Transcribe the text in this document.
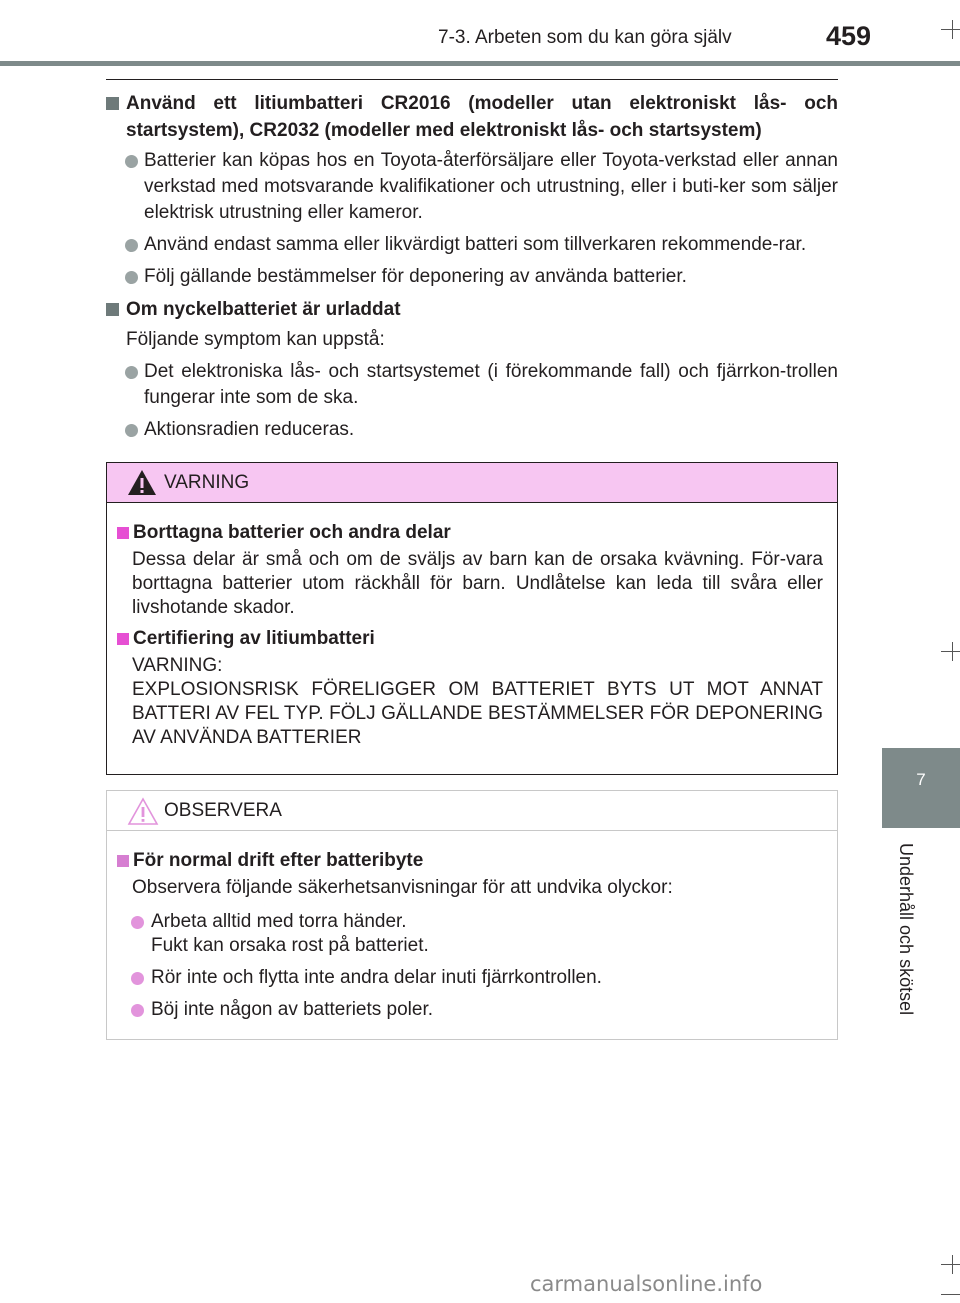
7-3. Arbeten som du kan göra själv	459
7
Underhåll och skötsel
Använd ett litiumbatteri CR2016 (modeller utan elektroniskt lås- och startsystem), CR2032 (modeller med elektroniskt lås- och startsystem)
Batterier kan köpas hos en Toyota-återförsäljare eller Toyota-verkstad eller annan verkstad med motsvarande kvalifikationer och utrustning, eller i buti-ker som säljer elektrisk utrustning eller kameror.
Använd endast samma eller likvärdigt batteri som tillverkaren rekommende-rar.
Följ gällande bestämmelser för deponering av använda batterier.
Om nyckelbatteriet är urladdat
Följande symptom kan uppstå:
Det elektroniska lås- och startsystemet (i förekommande fall) och fjärrkon-trollen fungerar inte som de ska.
Aktionsradien reduceras.
VARNING
Borttagna batterier och andra delar
Dessa delar är små och om de sväljs av barn kan de orsaka kvävning. För-vara borttagna batterier utom räckhåll för barn. Undlåtelse kan leda till svåra eller livshotande skador.
Certifiering av litiumbatteri
VARNING:
EXPLOSIONSRISK FÖRELIGGER OM BATTERIET BYTS UT MOT ANNAT BATTERI AV FEL TYP. FÖLJ GÄLLANDE BESTÄMMELSER FÖR DEPONERING AV ANVÄNDA BATTERIER
OBSERVERA
För normal drift efter batteribyte
Observera följande säkerhetsanvisningar för att undvika olyckor:
Arbeta alltid med torra händer.
Fukt kan orsaka rost på batteriet.
Rör inte och flytta inte andra delar inuti fjärrkontrollen.
Böj inte någon av batteriets poler.
carmanualsonline.info
